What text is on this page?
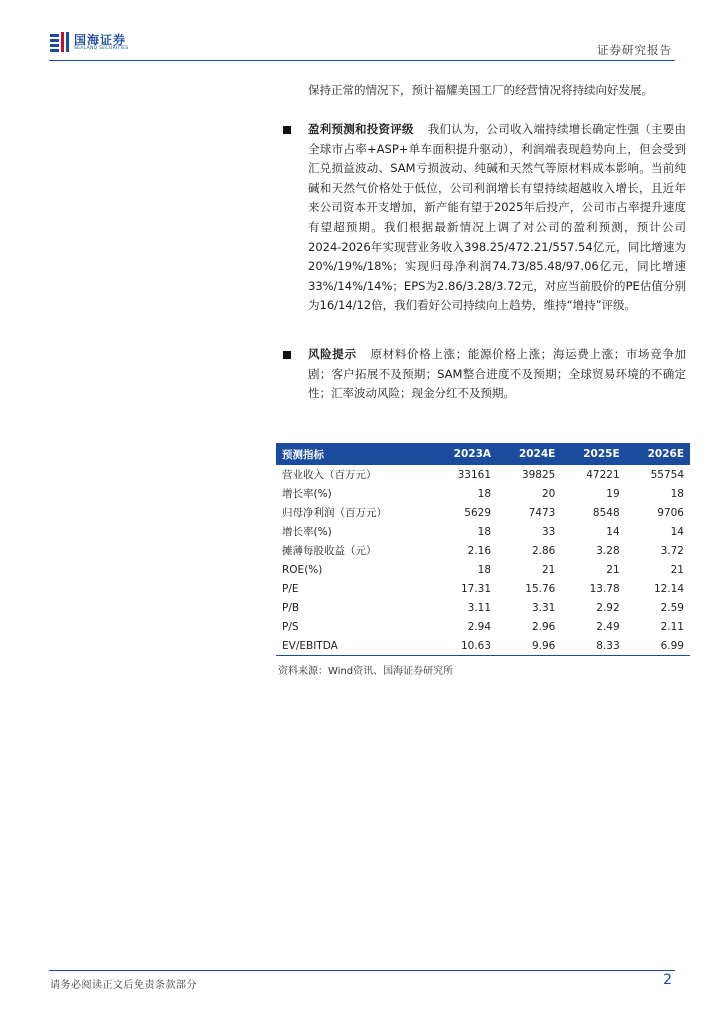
国海证券
SEALAND SECURITIES	证券研究报告
保持正常的情况下，预计福耀美国工厂的经营情况将持续向好发展。
盈利预测和投资评级 我们认为，公司收入端持续增长确定性强（主要由全球市占率+ASP+单车面积提升驱动），利润端表现趋势向上，但会受到汇兑损益波动、SAM亏损波动、纯碱和天然气等原材料成本影响。当前纯碱和天然气价格处于低位，公司利润增长有望持续超越收入增长，且近年来公司资本开支增加，新产能有望于2025年后投产，公司市占率提升速度有望超预期。我们根据最新情况上调了对公司的盈利预测，预计公司2024-2026年实现营业务收入398.25/472.21/557.54亿元，同比增速为20%/19%/18%；实现归母净利润74.73/85.48/97.06亿元，同比增速33%/14%/14%；EPS为2.86/3.28/3.72元，对应当前股价的PE估值分别为16/14/12倍，我们看好公司持续向上趋势，维持“增持”评级。
风险提示 原材料价格上涨；能源价格上涨；海运费上涨；市场竞争加剧；客户拓展不及预期；SAM整合进度不及预期；全球贸易环境的不确定性；汇率波动风险；现金分红不及预期。
预测指标	2023A	2024E	2025E	2026E
营业收入（百万元）	33161	39825	47221	55754
增长率(%)	18	20	19	18
归母净利润（百万元）	5629	7473	8548	9706
增长率(%)	18	33	14	14
摊薄每股收益（元）	2.16	2.86	3.28	3.72
ROE(%)	18	21	21	21
P/E	17.31	15.76	13.78	12.14
P/B	3.11	3.31	2.92	2.59
P/S	2.94	2.96	2.49	2.11
EV/EBITDA	10.63	9.96	8.33	6.99
资料来源：Wind资讯、国海证券研究所
请务必阅读正文后免责条款部分	2
